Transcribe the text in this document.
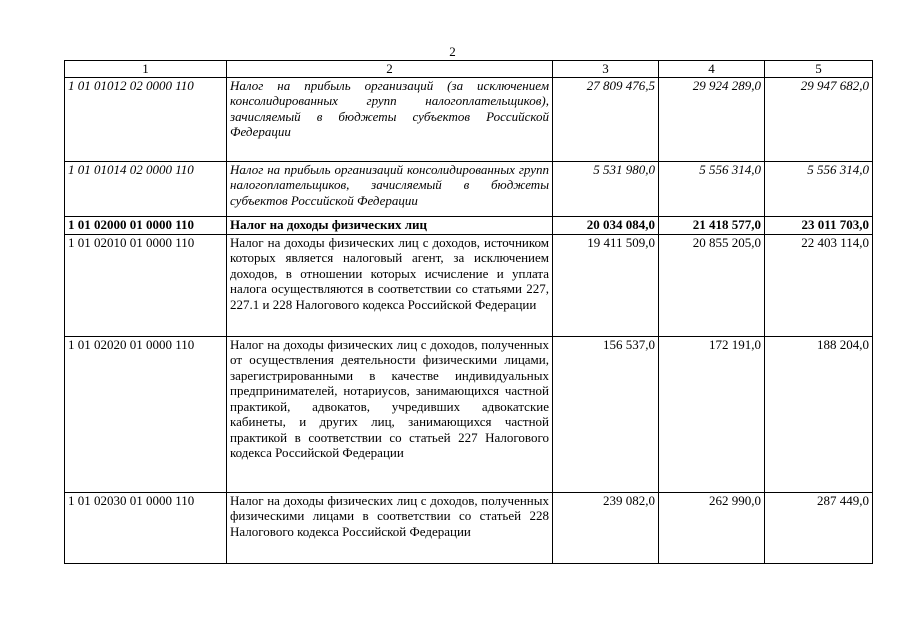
2
1	2	3	4	5
1 01 01012 02 0000 110	Налог на прибыль организаций (за исключением консолидированных групп налогоплательщиков), зачисляемый в бюджеты субъектов Российской Федерации	27 809 476,5	29 924 289,0	29 947 682,0
1 01 01014 02 0000 110	Налог на прибыль организаций консолидированных групп налогоплательщиков, зачисляемый в бюджеты субъектов Российской Федерации	5 531 980,0	5 556 314,0	5 556 314,0
1 01 02000 01 0000 110	Налог на доходы физических лиц	20 034 084,0	21 418 577,0	23 011 703,0
1 01 02010 01 0000 110	Налог на доходы физических лиц с доходов, источником которых является налоговый агент, за исключением доходов, в отношении которых исчисление и уплата налога осуществляются в соответствии со статьями 227, 227.1 и 228 Налогового кодекса Российской Федерации	19 411 509,0	20 855 205,0	22 403 114,0
1 01 02020 01 0000 110	Налог на доходы физических лиц с доходов, полученных от осуществления деятельности физическими лицами, зарегистрированными в качестве индивидуальных предпринимателей, нотариусов, занимающихся частной практикой, адвокатов, учредивших адвокатские кабинеты, и других лиц, занимающихся частной практикой в соответствии со статьей 227 Налогового кодекса Российской Федерации	156 537,0	172 191,0	188 204,0
1 01 02030 01 0000 110	Налог на доходы физических лиц с доходов, полученных физическими лицами в соответствии со статьей 228 Налогового кодекса Российской Федерации	239 082,0	262 990,0	287 449,0
